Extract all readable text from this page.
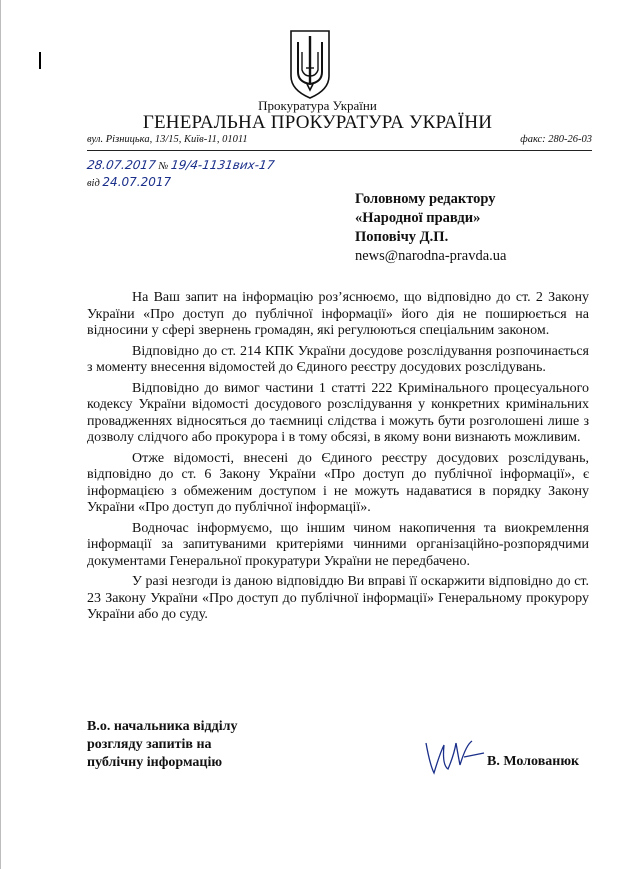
Прокуратура України
ГЕНЕРАЛЬНА ПРОКУРАТУРА УКРАЇНИ
вул. Різницька, 13/15, Київ-11, 01011	факс: 280-26-03
28.07.2017 № 19/4-1131вих-17
від 24.07.2017
Головному редактору
«Народної правди»
Поповічу Д.П.
news@narodna-pravda.ua

На Ваш запит на інформацію роз’яснюємо, що відповідно до ст. 2 Закону України «Про доступ до публічної інформації» його дія не поширюється на відносини у сфері звернень громадян, які регулюються спеціальним законом.

Відповідно до ст. 214 КПК України досудове розслідування розпочинається з моменту внесення відомостей до Єдиного реєстру досудових розслідувань.

Відповідно до вимог частини 1 статті 222 Кримінального процесуального кодексу України відомості досудового розслідування у конкретних кримінальних провадженнях відносяться до таємниці слідства і можуть бути розголошені лише з дозволу слідчого або прокурора і в тому обсязі, в якому вони визнають можливим.

Отже відомості, внесені до Єдиного реєстру досудових розслідувань, відповідно до ст. 6 Закону України «Про доступ до публічної інформації», є інформацією з обмеженим доступом і не можуть надаватися в порядку Закону України «Про доступ до публічної інформації».

Водночас інформуємо, що іншим чином накопичення та виокремлення інформації за запитуваними критеріями чинними організаційно-розпорядчими документами Генеральної прокуратури України не передбачено.

У разі незгоди із даною відповіддю Ви вправі її оскаржити відповідно до ст. 23 Закону України «Про доступ до публічної інформації» Генеральному прокурору України або до суду.

В.о. начальника відділу
розгляду запитів на
публічну інформацію	В. Молованюк
